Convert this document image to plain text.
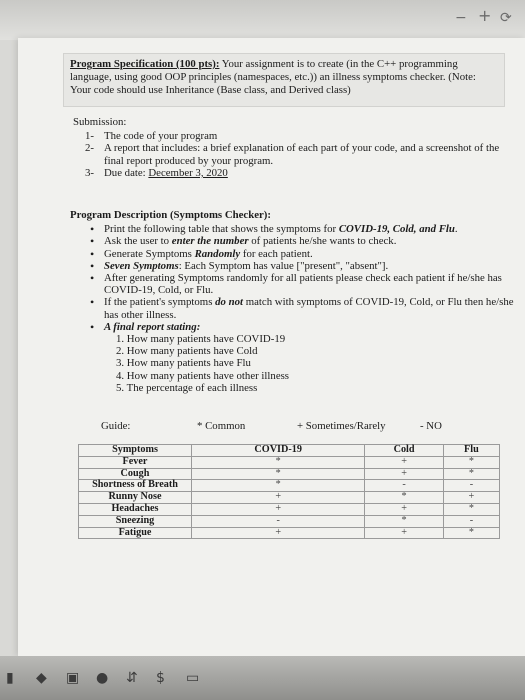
− + ⟳

Program Specification (100 pts): Your assignment is to create (in the C++ programming language, using good OOP principles (namespaces, etc.)) an illness symptoms checker. (Note: Your code should use Inheritance (Base class, and Derived class)

Submission:
1- The code of your program
2- A report that includes: a brief explanation of each part of your code, and a screenshot of the final report produced by your program.
3- Due date: December 3, 2020
Program Description (Symptoms Checker):
• Print the following table that shows the symptoms for COVID-19, Cold, and Flu.
• Ask the user to enter the number of patients he/she wants to check.
• Generate Symptoms Randomly for each patient.
• Seven Symptoms: Each Symptom has value ["present", "absent"].
• After generating Symptoms randomly for all patients please check each patient if he/she has COVID-19, Cold, or Flu.
• If the patient's symptoms do not match with symptoms of COVID-19, Cold, or Flu then he/she has other illness.
• A final report stating:
1. How many patients have COVID-19
2. How many patients have Cold
3. How many patients have Flu
4. How many patients have other illness
5. The percentage of each illness
Guide:	* Common	+ Sometimes/Rarely	- NO
Symptoms	COVID-19	Cold	Flu
Fever	*	+	*
Cough	*	+	*
Shortness of Breath	*	-	-
Runny Nose	+	*	+
Headaches	+	+	*
Sneezing	-	*	-
Fatigue	+	+	*
▮ ◆ ▣ ● ⇵ $ ▭
